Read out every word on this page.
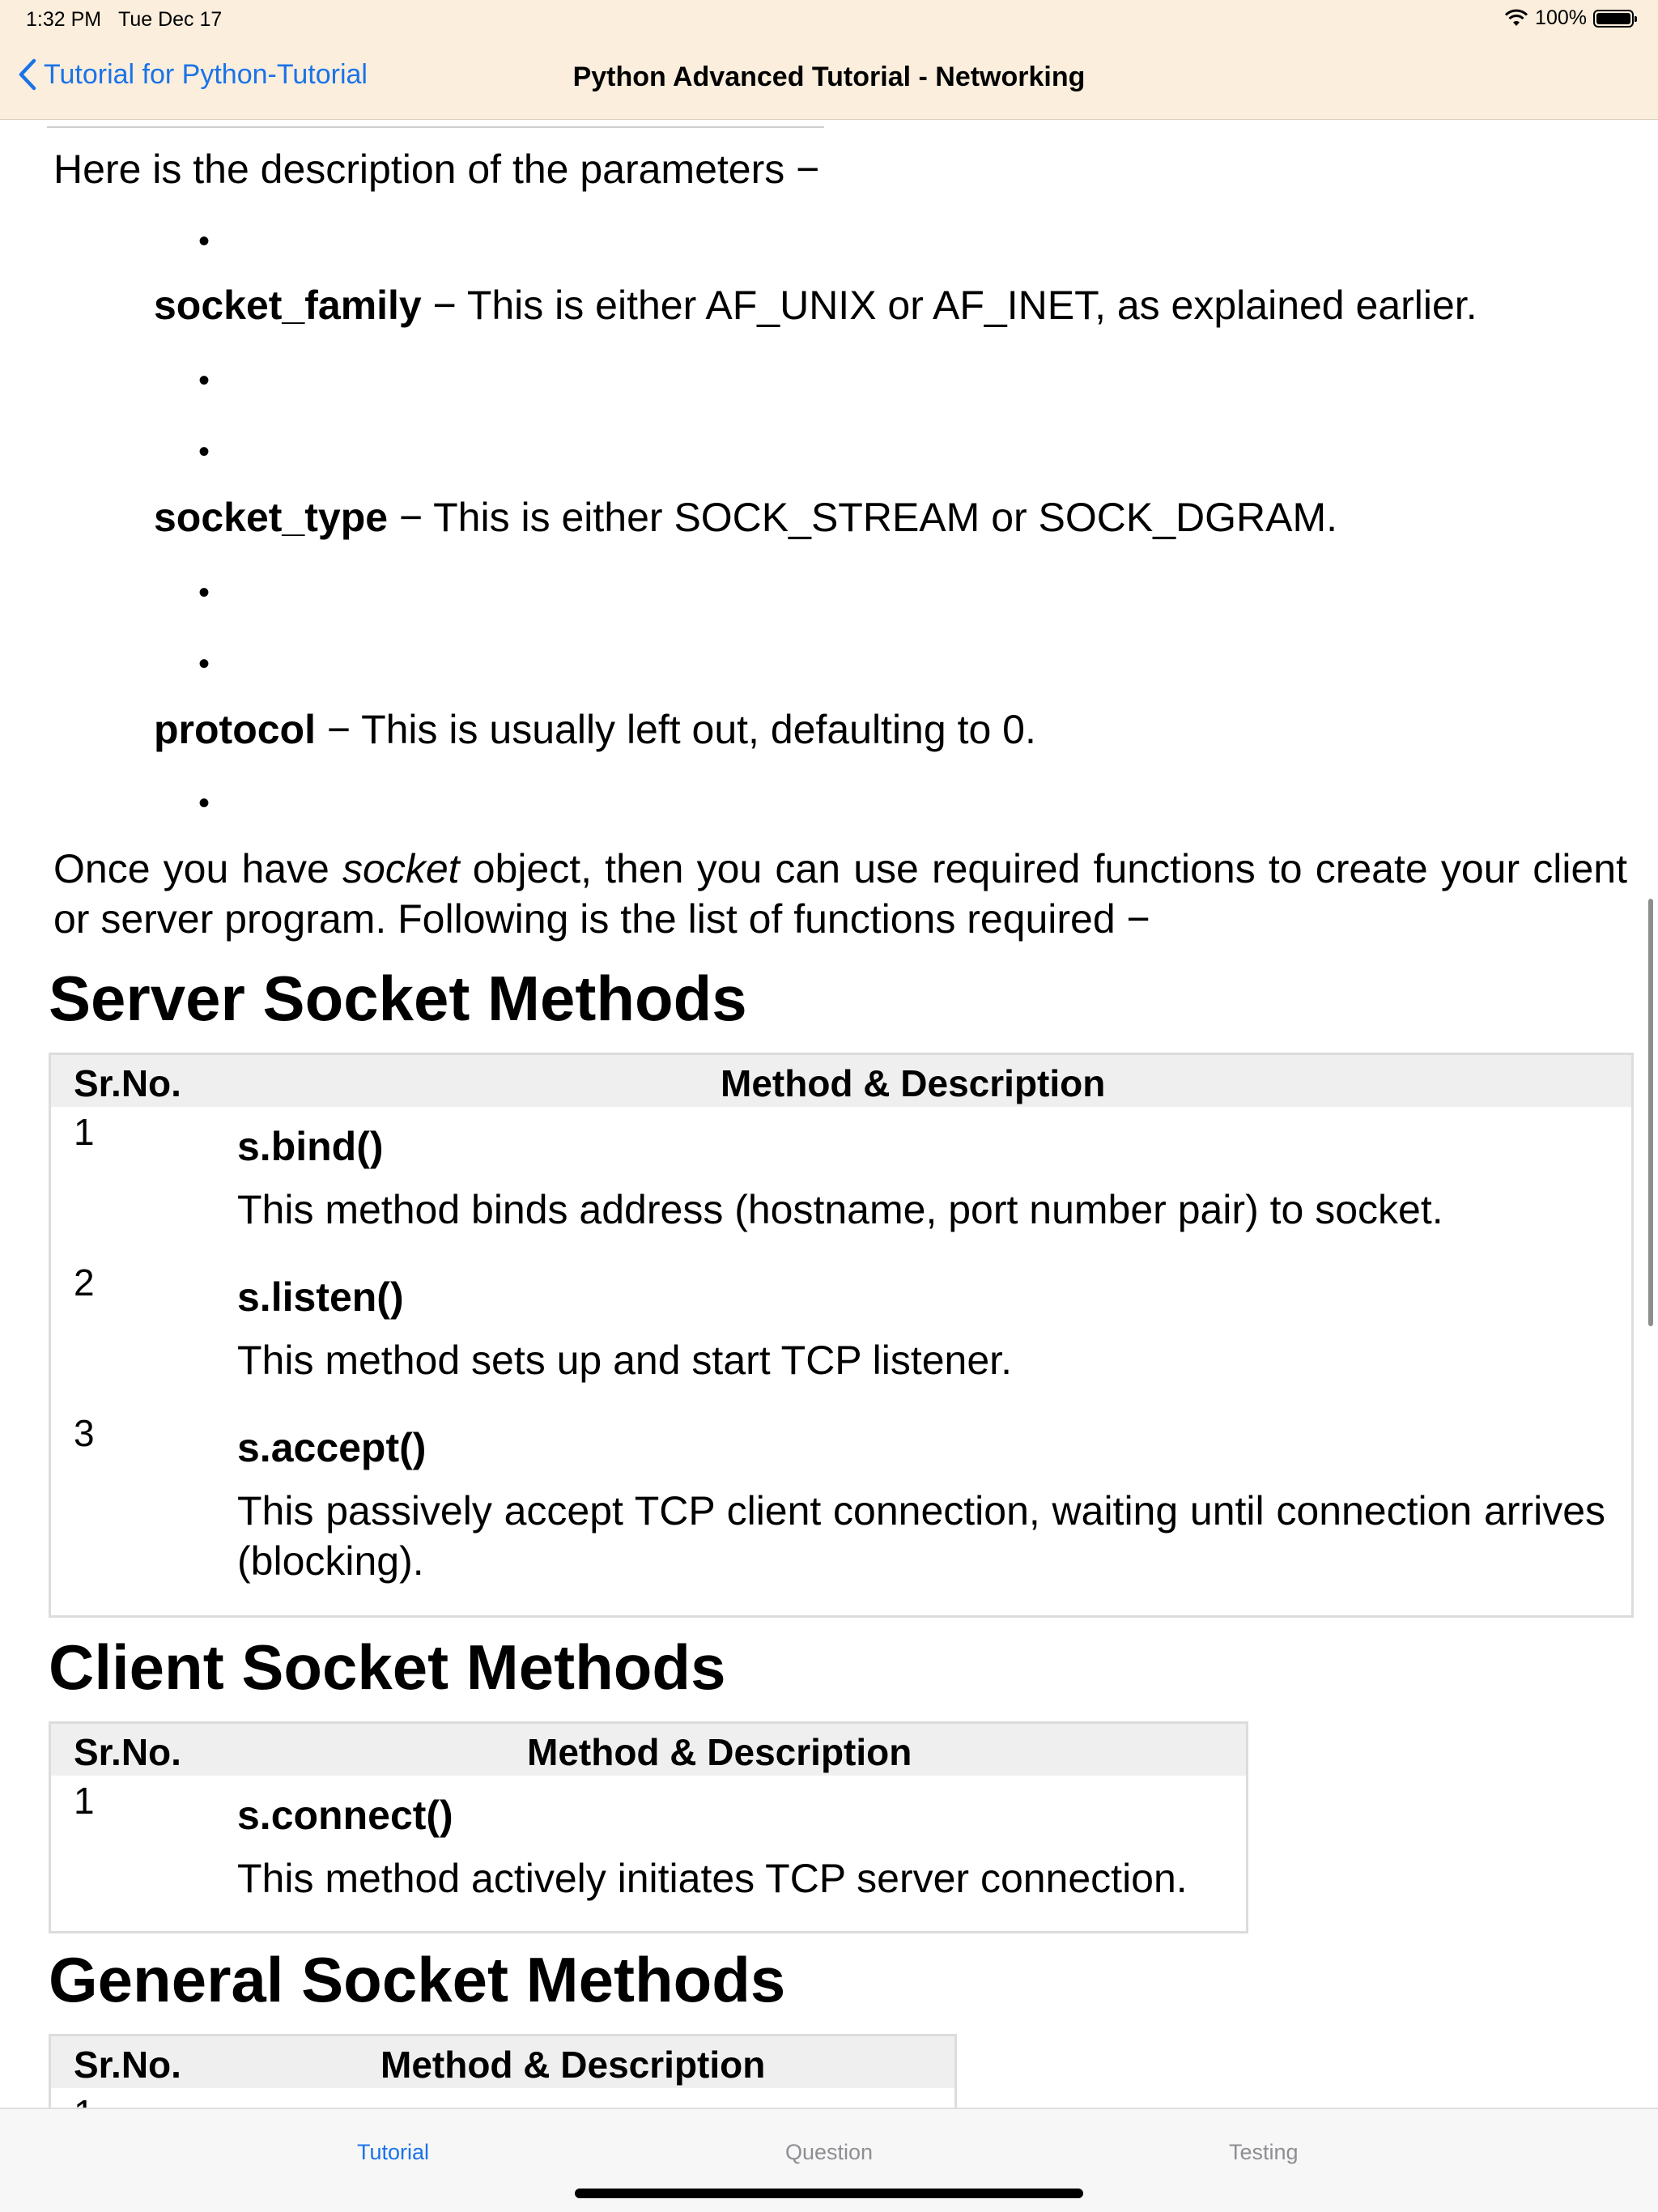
1:32 PM Tue Dec 17	100%
Tutorial for Python-Tutorial	Python Advanced Tutorial - Networking
Here is the description of the parameters −
•
socket_family − This is either AF_UNIX or AF_INET, as explained earlier.
•
•
socket_type − This is either SOCK_STREAM or SOCK_DGRAM.
•
•
protocol − This is usually left out, defaulting to 0.
•
Once you have socket object, then you can use required functions to create your client or server program. Following is the list of functions required −
Server Socket Methods
Sr.No.	Method & Description
1	s.bind()
This method binds address (hostname, port number pair) to socket.
2	s.listen()
This method sets up and start TCP listener.
3	s.accept()
This passively accept TCP client connection, waiting until connection arrives (blocking).
Client Socket Methods
Sr.No.	Method & Description
1	s.connect()
This method actively initiates TCP server connection.
General Socket Methods
Sr.No.	Method & Description
Tutorial	Question	Testing
